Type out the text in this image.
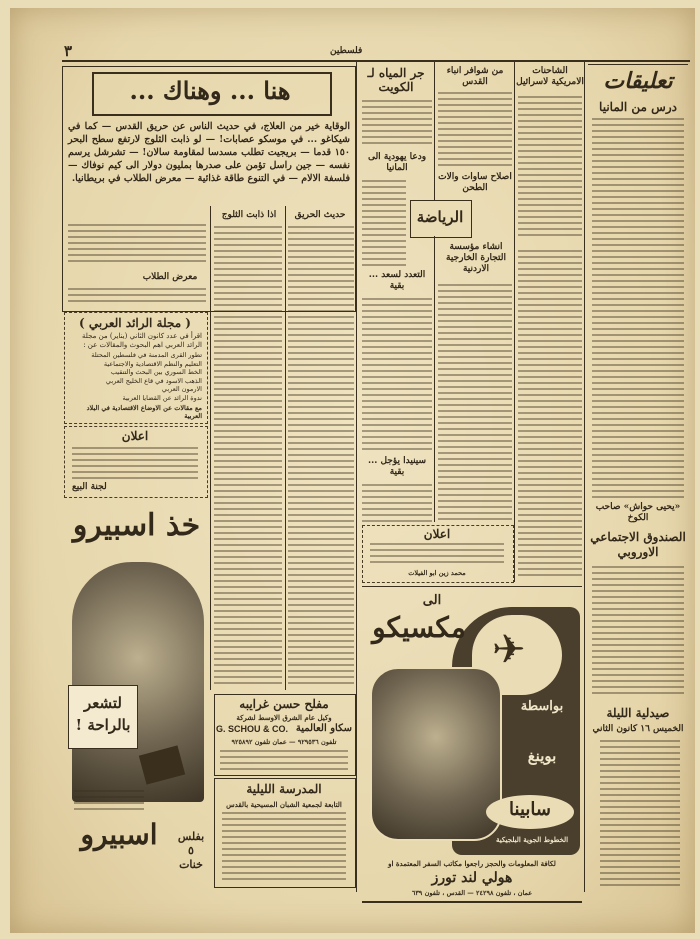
٣	فلسطين
هنا ... وهناك ...
الوقاية خير من العلاج، في حديث الناس عن حريق القدس — كما في شيكاغو ... في موسكو عصابات! — لو ذابت الثلوج لارتفع سطح البحر ١٥٠ قدما — بريجيت تطلب مسدسا لمقاومة سالان! — تشرشل يرسم نفسه — جين راسل تؤمن على صدرها بمليون دولار الى كيم نوفاك — فلسفة الالام — في التنوع طاقة غذائية — معرض الطلاب في بريطانيا.
حديث الحريق
اذا ذابت الثلوج
معرض الطلاب
( مجلة الرائد العربي )
اقرأ في عدد كانون الثاني (يناير) من مجلة الرائد العربي اهم البحوث والمقالات عن :
تطور القرى المدمنة في فلسطين المحتلة
التعليم والنظم الاقتصادية والاجتماعية
الخط السوري بين البحث والتنقيب
الذهب الاسود في قاع الخليج العربي
الارمون العربي
ندوة الرائد عن القضايا العربية
مع مقالات عن الاوضاع الاقتصادية في البلاد العربية
اعلان
لجنة البيع
خذ اسبيرو
لتشعر بالراحة !
اسبيرو	بفلس ٥ خنات
مفلح حسن غرايبه
وكيل عام الشرق الاوسط لشركة
G. SCHOU & CO. سكاو العالمية
تلفون ٩٢٩٥٣٦ — عمان تلفون ٩٢٥٨٩٢
المدرسة الليلية
التابعة لجمعية الشبان المسيحية بالقدس
جر المياه لـ الكويت
ودعا يهودية الى المانيا
التعدد لسعد ... بقية
سينيدا يؤجل ... بقية
من شوافر انباء القدس
اصلاح ساوات والات الطحن
الرياضة
انشاء مؤسسة التجارة الخارجية الاردنية
الشاحنات الامريكية لاسرائيل
اعلان
محمد زين ابو الفيلات
✈
الى
مكسيكو
بواسطة
بوينغ
سابينا
الخطوط الجوية البلجيكية
لكافة المعلومات والحجز راجعوا مكاتب السفر المعتمدة او
هولي لند تورز
عمان ، تلفون ٢٤٢٩٨ — القدس ، تلفون ٦٣٩
تعليقات
درس من المانيا
«يحيى حواش» صاحب الكوخ
الصندوق الاجتماعي الاوروبي
صيدلية الليلة
الخميس ١٦ كانون الثاني
